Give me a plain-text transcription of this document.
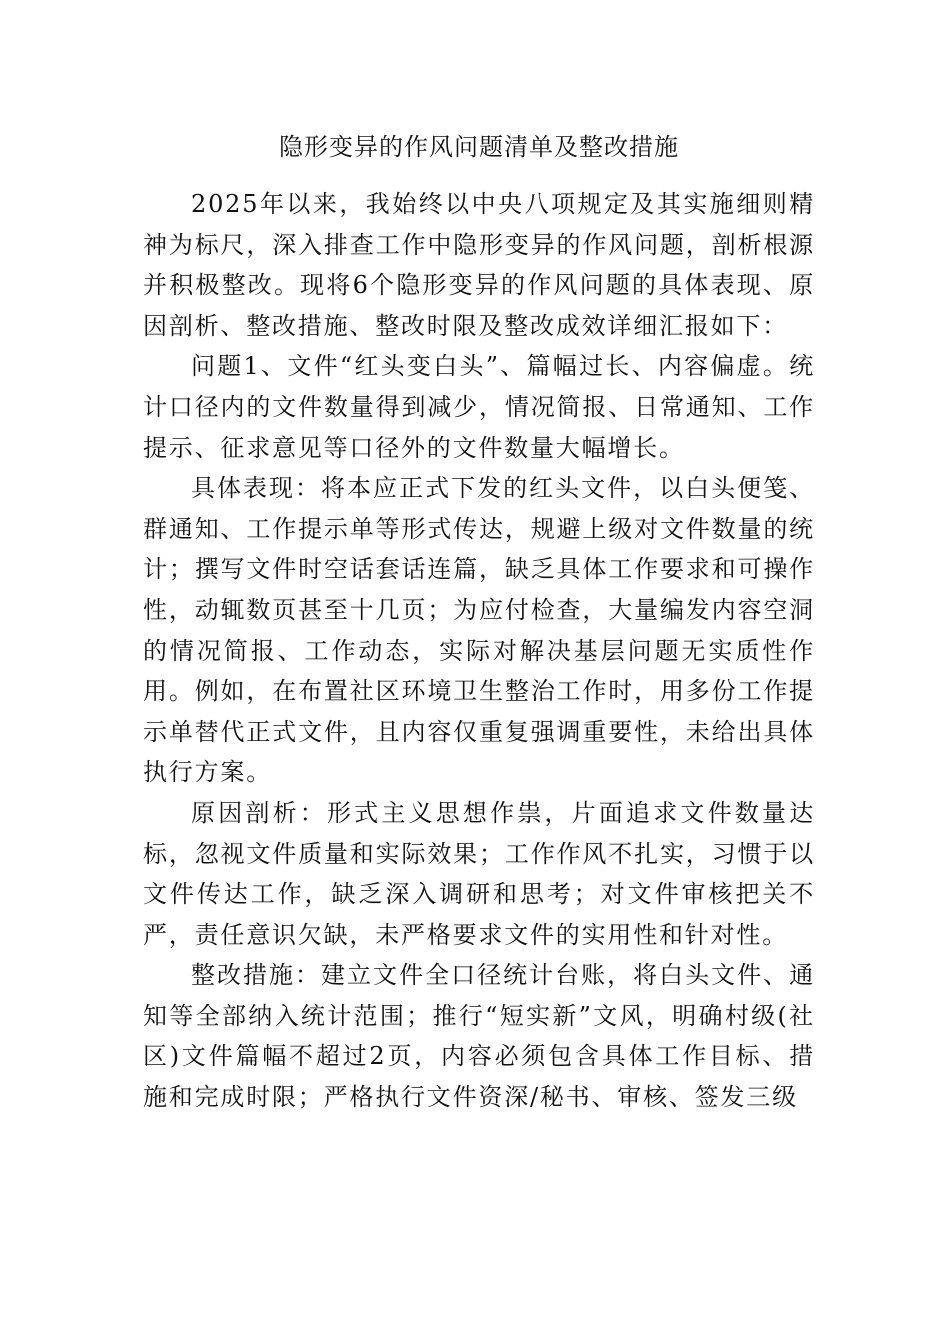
隐形变异的作风问题清单及整改措施

2025年以来，我始终以中央八项规定及其实施细则精神为标尺，深入排查工作中隐形变异的作风问题，剖析根源并积极整改。现将6个隐形变异的作风问题的具体表现、原因剖析、整改措施、整改时限及整改成效详细汇报如下：

问题1、文件“红头变白头”、篇幅过长、内容偏虚。统计口径内的文件数量得到减少，情况简报、日常通知、工作提示、征求意见等口径外的文件数量大幅增长。

具体表现：将本应正式下发的红头文件，以白头便笺、群通知、工作提示单等形式传达，规避上级对文件数量的统计；撰写文件时空话套话连篇，缺乏具体工作要求和可操作性，动辄数页甚至十几页；为应付检查，大量编发内容空洞的情况简报、工作动态，实际对解决基层问题无实质性作用。例如，在布置社区环境卫生整治工作时，用多份工作提示单替代正式文件，且内容仅重复强调重要性，未给出具体执行方案。

原因剖析：形式主义思想作祟，片面追求文件数量达标，忽视文件质量和实际效果；工作作风不扎实，习惯于以文件传达工作，缺乏深入调研和思考；对文件审核把关不严，责任意识欠缺，未严格要求文件的实用性和针对性。

整改措施：建立文件全口径统计台账，将白头文件、通知等全部纳入统计范围；推行“短实新”文风，明确村级(社区)文件篇幅不超过2页，内容必须包含具体工作目标、措施和完成时限；严格执行文件资深/秘书、审核、签发三级
